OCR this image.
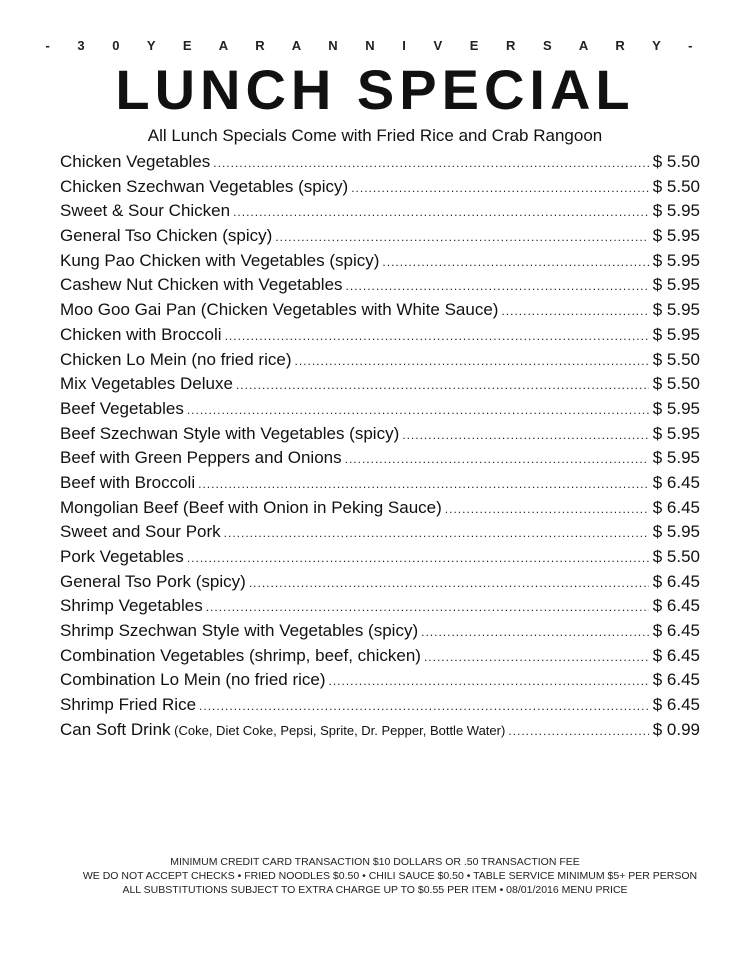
- 3 0 Y E A R A N N I V E R S A R Y -
LUNCH SPECIAL
All Lunch Specials Come with Fried Rice and Crab Rangoon
Chicken Vegetables .....	$ 5.50
Chicken Szechwan Vegetables (spicy) .....	$ 5.50
Sweet & Sour Chicken .....	$ 5.95
General Tso Chicken (spicy) .....	$ 5.95
Kung Pao Chicken with Vegetables (spicy) .....	$ 5.95
Cashew Nut Chicken with Vegetables .....	$ 5.95
Moo Goo Gai Pan (Chicken Vegetables with White Sauce) .....	$ 5.95
Chicken with Broccoli .....	$ 5.95
Chicken Lo Mein (no fried rice) .....	$ 5.50
Mix Vegetables Deluxe .....	$ 5.50
Beef Vegetables .....	$ 5.95
Beef Szechwan Style with Vegetables (spicy) .....	$ 5.95
Beef with Green Peppers and Onions .....	$ 5.95
Beef with Broccoli .....	$ 6.45
Mongolian Beef (Beef with Onion in Peking Sauce) .....	$ 6.45
Sweet and Sour Pork .....	$ 5.95
Pork Vegetables .....	$ 5.50
General Tso Pork (spicy) .....	$ 6.45
Shrimp Vegetables .....	$ 6.45
Shrimp Szechwan Style with Vegetables (spicy) .....	$ 6.45
Combination Vegetables (shrimp, beef, chicken) .....	$ 6.45
Combination Lo Mein (no fried rice) .....	$ 6.45
Shrimp Fried Rice .....	$ 6.45
Can Soft Drink (Coke, Diet Coke, Pepsi, Sprite, Dr. Pepper, Bottle Water) .....	$ 0.99
MINIMUM CREDIT CARD TRANSACTION $10 DOLLARS OR .50 TRANSACTION FEE
WE DO NOT ACCEPT CHECKS • FRIED NOODLES $0.50 • CHILI SAUCE $0.50 • TABLE SERVICE MINIMUM $5+ PER PERSON
ALL SUBSTITUTIONS SUBJECT TO EXTRA CHARGE UP TO $0.55 PER ITEM • 08/01/2016 MENU PRICE
